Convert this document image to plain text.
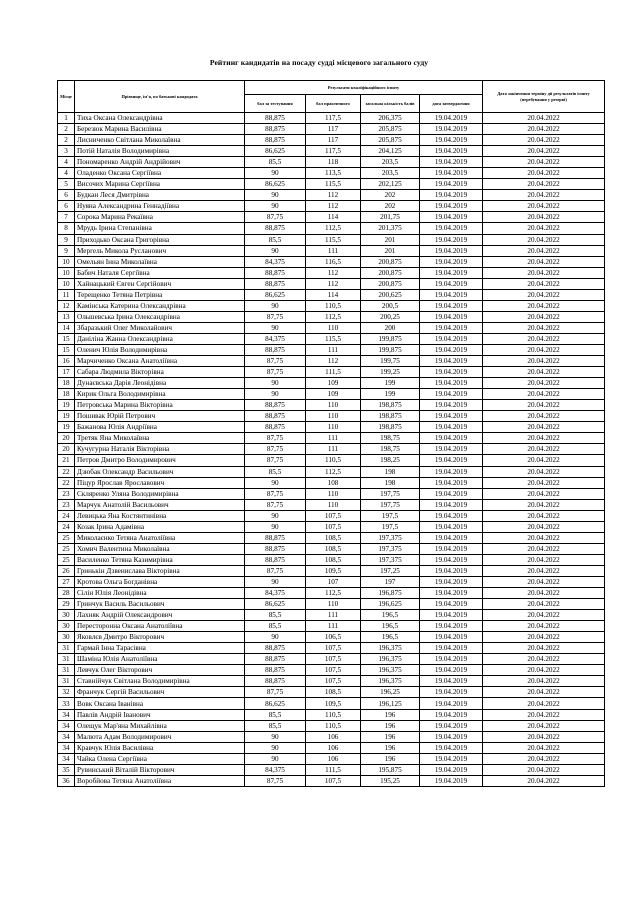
Рейтинг кандидатів на посаду судді місцевого загального суду
Місце	Прізвище, ім'я, по батькові кандидата	Результати кваліфікаційного іспиту				Дата закінчення терміну дії результатів іспиту (перебування у резерві)
		бал за тестування	бал практичного	загальна кількість балів	дата затвердження	
1	Тиха Оксана Олександрівна	88,875	117,5	206,375	19.04.2019	20.04.2022
2	Березюк Марина Василівна	88,875	117	205,875	19.04.2019	20.04.2022
2	Лисниченко Світлана Миколаївна	88,875	117	205,875	19.04.2019	20.04.2022
3	Потій Наталія Володимирівна	86,625	117,5	204,125	19.04.2019	20.04.2022
4	Пономаренко Андрій Андрійович	85,5	118	203,5	19.04.2019	20.04.2022
4	Оладенко Оксана Сергіївна	90	113,5	203,5	19.04.2019	20.04.2022
5	Височих Марина Сергіївна	86,625	115,5	202,125	19.04.2019	20.04.2022
6	Будкан Леся Дмитрівна	90	112	202	19.04.2019	20.04.2022
6	Нуяна Александрина Геннадіївна	90	112	202	19.04.2019	20.04.2022
7	Сорока Марина Рекаївна	87,75	114	201,75	19.04.2019	20.04.2022
8	Мрудь Ірина Степанівна	88,875	112,5	201,375	19.04.2019	20.04.2022
9	Приходько Оксана Григорівна	85,5	115,5	201	19.04.2019	20.04.2022
9	Мергель Микола Русланович	90	111	201	19.04.2019	20.04.2022
10	Омельян Інна Миколаївна	84,375	116,5	200,875	19.04.2019	20.04.2022
10	Бабич Наталя Сергіївна	88,875	112	200,875	19.04.2019	20.04.2022
10	Хайнацький Євген Сергійович	88,875	112	200,875	19.04.2019	20.04.2022
11	Терещенко Тетяна Петрівна	86,625	114	200,625	19.04.2019	20.04.2022
12	Камінська Катерина Олександрівна	90	110,5	200,5	19.04.2019	20.04.2022
13	Ольшевська Ірина Олександрівна	87,75	112,5	200,25	19.04.2019	20.04.2022
14	Збаразький Олег Миколайович	90	110	200	19.04.2019	20.04.2022
15	Даніліна Жанна Олександрівна	84,375	115,5	199,875	19.04.2019	20.04.2022
15	Оленич Юлія Володимирівна	88,875	111	199,875	19.04.2019	20.04.2022
16	Марчиченко Оксана Анатоліївна	87,75	112	199,75	19.04.2019	20.04.2022
17	Сабара Людмила Вікторівна	87,75	111,5	199,25	19.04.2019	20.04.2022
18	Дунаєвська Дарія Леонідівна	90	109	199	19.04.2019	20.04.2022
18	Кирик Ольга Володимирівна	90	109	199	19.04.2019	20.04.2022
19	Петровська Марина Вікторівна	88,875	110	198,875	19.04.2019	20.04.2022
19	Пошивак Юрій Петрович	88,875	110	198,875	19.04.2019	20.04.2022
19	Бажанова Юлія Андріївна	88,875	110	198,875	19.04.2019	20.04.2022
20	Третяк Яна Миколаївна	87,75	111	198,75	19.04.2019	20.04.2022
20	Кучугурна Наталія Вікторівна	87,75	111	198,75	19.04.2019	20.04.2022
21	Петров Дмитро Володимирович	87,75	110,5	198,25	19.04.2019	20.04.2022
22	Дзюбак Олександр Васильович	85,5	112,5	198	19.04.2019	20.04.2022
22	Піцур Ярослав Ярославович	90	108	198	19.04.2019	20.04.2022
23	Скляренко Уляна Володимирівна	87,75	110	197,75	19.04.2019	20.04.2022
23	Марчук Анатолій Васильович	87,75	110	197,75	19.04.2019	20.04.2022
24	Левицька Яна Костянтинівна	90	107,5	197,5	19.04.2019	20.04.2022
24	Козак Ірина Адамівна	90	107,5	197,5	19.04.2019	20.04.2022
25	Миколаєнко Тетяна Анатоліївна	88,875	108,5	197,375	19.04.2019	20.04.2022
25	Хомич Валентина Миколаївна	88,875	108,5	197,375	19.04.2019	20.04.2022
25	Василенко Тетяна Казимирівна	88,875	108,5	197,375	19.04.2019	20.04.2022
26	Гринькін Дзвенислава Вікторівна	87,75	109,5	197,25	19.04.2019	20.04.2022
27	Кротова Ольга Богданівна	90	107	197	19.04.2019	20.04.2022
28	Сілін Юлія Леонідівна	84,375	112,5	196,875	19.04.2019	20.04.2022
29	Гринчук Василь Васильович	86,625	110	196,625	19.04.2019	20.04.2022
30	Лахняк Андрій Олександрович	85,5	111	196,5	19.04.2019	20.04.2022
30	Пересторонна Оксана Анатоліївна	85,5	111	196,5	19.04.2019	20.04.2022
30	Яковлєв Дмитро Вікторович	90	106,5	196,5	19.04.2019	20.04.2022
31	Гармай Інна Тарасівна	88,875	107,5	196,375	19.04.2019	20.04.2022
31	Шаміна Юлія Анатоліївна	88,875	107,5	196,375	19.04.2019	20.04.2022
31	Левчук Олег Вікторович	88,875	107,5	196,375	19.04.2019	20.04.2022
31	Ставнійчук Світлана Володимирівна	88,875	107,5	196,375	19.04.2019	20.04.2022
32	Франчук Сергій Васильович	87,75	108,5	196,25	19.04.2019	20.04.2022
33	Вовк Оксана Іванівна	86,625	109,5	196,125	19.04.2019	20.04.2022
34	Павлів Андрій Іванович	85,5	110,5	196	19.04.2019	20.04.2022
34	Олещук Мар'яна Михайлівна	85,5	110,5	196	19.04.2019	20.04.2022
34	Малюта Адам Володимирович	90	106	196	19.04.2019	20.04.2022
34	Кравчук Юлія Василівна	90	106	196	19.04.2019	20.04.2022
34	Чайка Олена Сергіївна	90	106	196	19.04.2019	20.04.2022
35	Рувинський Віталій Вікторович	84,375	111,5	195,875	19.04.2019	20.04.2022
36	Воробйова Тетяна Анатоліївна	87,75	107,5	195,25	19.04.2019	20.04.2022
